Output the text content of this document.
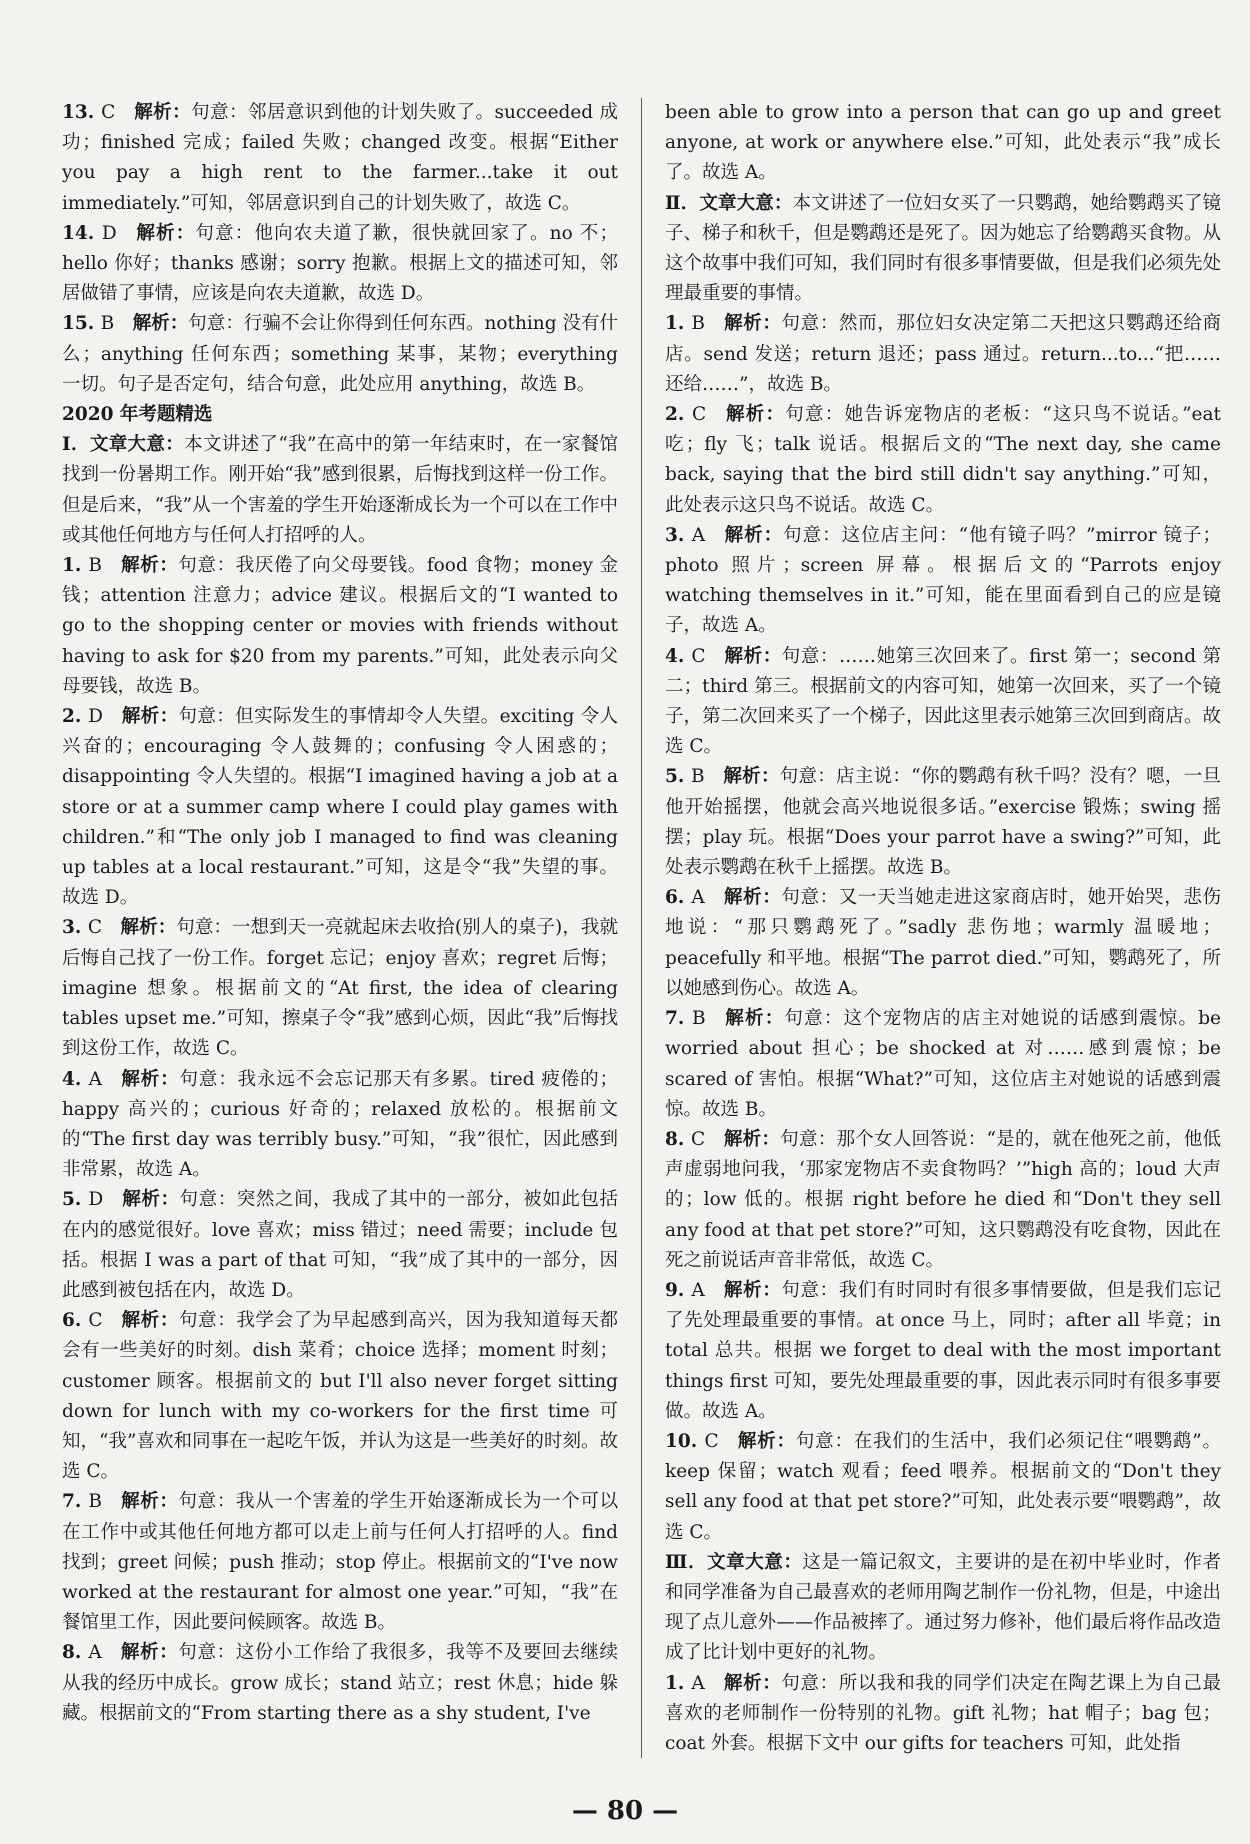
13. C 解析：句意：邻居意识到他的计划失败了。succeeded 成功；finished 完成；failed 失败；changed 改变。根据“Either you pay a high rent to the farmer...take it out immediately.”可知，邻居意识到自己的计划失败了，故选 C。

14. D 解析：句意：他向农夫道了歉，很快就回家了。no 不；hello 你好；thanks 感谢；sorry 抱歉。根据上文的描述可知，邻居做错了事情，应该是向农夫道歉，故选 D。

15. B 解析：句意：行骗不会让你得到任何东西。nothing 没有什么；anything 任何东西；something 某事，某物；everything 一切。句子是否定句，结合句意，此处应用 anything，故选 B。

2020 年考题精选

Ⅰ．文章大意：本文讲述了“我”在高中的第一年结束时，在一家餐馆找到一份暑期工作。刚开始“我”感到很累，后悔找到这样一份工作。但是后来，“我”从一个害羞的学生开始逐渐成长为一个可以在工作中或其他任何地方与任何人打招呼的人。

1. B 解析：句意：我厌倦了向父母要钱。food 食物；money 金钱；attention 注意力；advice 建议。根据后文的“I wanted to go to the shopping center or movies with friends without having to ask for $20 from my parents.”可知，此处表示向父母要钱，故选 B。

2. D 解析：句意：但实际发生的事情却令人失望。exciting 令人兴奋的；encouraging 令人鼓舞的；confusing 令人困惑的；disappointing 令人失望的。根据“I imagined having a job at a store or at a summer camp where I could play games with children.”和“The only job I managed to find was cleaning up tables at a local restaurant.”可知，这是令“我”失望的事。故选 D。

3. C 解析：句意：一想到天一亮就起床去收拾(别人的桌子)，我就后悔自己找了一份工作。forget 忘记；enjoy 喜欢；regret 后悔；imagine 想象。根据前文的“At first, the idea of clearing tables upset me.”可知，擦桌子令“我”感到心烦，因此“我”后悔找到这份工作，故选 C。

4. A 解析：句意：我永远不会忘记那天有多累。tired 疲倦的；happy 高兴的；curious 好奇的；relaxed 放松的。根据前文的“The first day was terribly busy.”可知，“我”很忙，因此感到非常累，故选 A。

5. D 解析：句意：突然之间，我成了其中的一部分，被如此包括在内的感觉很好。love 喜欢；miss 错过；need 需要；include 包括。根据 I was a part of that 可知，“我”成了其中的一部分，因此感到被包括在内，故选 D。

6. C 解析：句意：我学会了为早起感到高兴，因为我知道每天都会有一些美好的时刻。dish 菜肴；choice 选择；moment 时刻；customer 顾客。根据前文的 but I'll also never forget sitting down for lunch with my co-workers for the first time 可知，“我”喜欢和同事在一起吃午饭，并认为这是一些美好的时刻。故选 C。

7. B 解析：句意：我从一个害羞的学生开始逐渐成长为一个可以在工作中或其他任何地方都可以走上前与任何人打招呼的人。find 找到；greet 问候；push 推动；stop 停止。根据前文的“I've now worked at the restaurant for almost one year.”可知，“我”在餐馆里工作，因此要问候顾客。故选 B。

8. A 解析：句意：这份小工作给了我很多，我等不及要回去继续从我的经历中成长。grow 成长；stand 站立；rest 休息；hide 躲藏。根据前文的“From starting there as a shy student, I've

been able to grow into a person that can go up and greet anyone, at work or anywhere else.”可知，此处表示“我”成长了。故选 A。

Ⅱ．文章大意：本文讲述了一位妇女买了一只鹦鹉，她给鹦鹉买了镜子、梯子和秋千，但是鹦鹉还是死了。因为她忘了给鹦鹉买食物。从这个故事中我们可知，我们同时有很多事情要做，但是我们必须先处理最重要的事情。

1. B 解析：句意：然而，那位妇女决定第二天把这只鹦鹉还给商店。send 发送；return 退还；pass 通过。return...to...“把……还给……”，故选 B。

2. C 解析：句意：她告诉宠物店的老板：“这只鸟不说话。”eat 吃；fly 飞；talk 说话。根据后文的“The next day, she came back, saying that the bird still didn't say anything.”可知，此处表示这只鸟不说话。故选 C。

3. A 解析：句意：这位店主问：“他有镜子吗？”mirror 镜子；photo 照片；screen 屏幕。根据后文的“Parrots enjoy watching themselves in it.”可知，能在里面看到自己的应是镜子，故选 A。

4. C 解析：句意：……她第三次回来了。first 第一；second 第二；third 第三。根据前文的内容可知，她第一次回来，买了一个镜子，第二次回来买了一个梯子，因此这里表示她第三次回到商店。故选 C。

5. B 解析：句意：店主说：“你的鹦鹉有秋千吗？没有？嗯，一旦他开始摇摆，他就会高兴地说很多话。”exercise 锻炼；swing 摇摆；play 玩。根据“Does your parrot have a swing?”可知，此处表示鹦鹉在秋千上摇摆。故选 B。

6. A 解析：句意：又一天当她走进这家商店时，她开始哭，悲伤地说：“那只鹦鹉死了。”sadly 悲伤地；warmly 温暖地；peacefully 和平地。根据“The parrot died.”可知，鹦鹉死了，所以她感到伤心。故选 A。

7. B 解析：句意：这个宠物店的店主对她说的话感到震惊。be worried about 担心；be shocked at 对……感到震惊；be scared of 害怕。根据“What?”可知，这位店主对她说的话感到震惊。故选 B。

8. C 解析：句意：那个女人回答说：“是的，就在他死之前，他低声虚弱地问我，‘那家宠物店不卖食物吗？’”high 高的；loud 大声的；low 低的。根据 right before he died 和“Don't they sell any food at that pet store?”可知，这只鹦鹉没有吃食物，因此在死之前说话声音非常低，故选 C。

9. A 解析：句意：我们有时同时有很多事情要做，但是我们忘记了先处理最重要的事情。at once 马上，同时；after all 毕竟；in total 总共。根据 we forget to deal with the most important things first 可知，要先处理最重要的事，因此表示同时有很多事要做。故选 A。

10. C 解析：句意：在我们的生活中，我们必须记住“喂鹦鹉”。keep 保留；watch 观看；feed 喂养。根据前文的“Don't they sell any food at that pet store?”可知，此处表示要“喂鹦鹉”，故选 C。

Ⅲ．文章大意：这是一篇记叙文，主要讲的是在初中毕业时，作者和同学准备为自己最喜欢的老师用陶艺制作一份礼物，但是，中途出现了点儿意外——作品被摔了。通过努力修补，他们最后将作品改造成了比计划中更好的礼物。

1. A 解析：句意：所以我和我的同学们决定在陶艺课上为自己最喜欢的老师制作一份特别的礼物。gift 礼物；hat 帽子；bag 包；coat 外套。根据下文中 our gifts for teachers 可知，此处指

— 80 —
